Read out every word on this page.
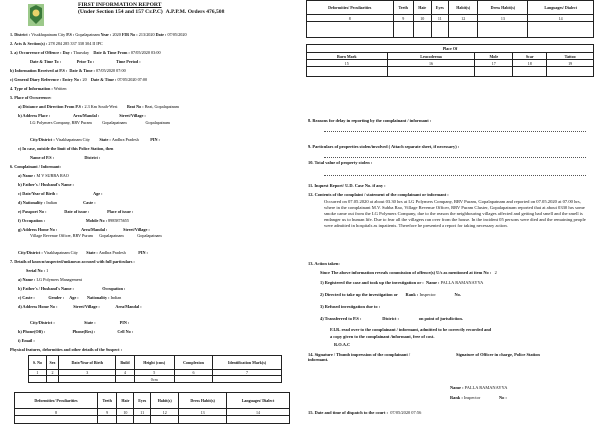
FIRST INFORMATION REPORT
(Under Section 154 and 157 Cr.P.C) A.P.P.M. Orders 476,508
1. District : Visakhapatnam City P.S : Gopalapatnam Year : 2020 FIR No : 213/2020 Date : 07/05/2020
2. Acts & Section(s) : 278 284 285 337 338 304 II IPC
3. a) Occurrence of Offence : Day : Thursday Date & Time From : 07/05/2020 03:00
Date & Time To :	Prior To :	Time Period :
b) Information Received at P.S : Date & Time : 07/05/2020 07:00
c) General Diary Reference : Entry No : 20 Date & Time : 07/05/2020 07:00
4. Type of Information : Written
5. Place of Occurrence:
a) Distance and Direction From P.S : 2.3 Km South-West Beat No : Beat, Gopalapatnam
b) Address Place :	Area/Mandal :	Street/Village :
LG Polymers Company, RRV Puram Gopalapatnam	Gopalapatnam
City/District : Visakhapatnam City State : Andhra Pradesh	PIN :
c) In case, outside the limit of this Police Station, then
Name of P.S :	District :
6. Complainant / Informant:
a) Name : M V SUBBA RAO
b) Father's / Husband's Name :
c) Date/Year of Birth :	Age :
d) Nationality : Indian	Caste :
e) Passport No :	Date of issue :	Place of issue :
f) Occupation :	Mobile No : 8985875655
g) Address Home No :	Area/Mandal :	Street/Village :
Village Revenue Officer, RRV Puram Gopalapatnam	Gopalapatnam
City/District : Visakhapatnam City State : Andhra Pradesh	PIN :
7. Details of known/suspected/unknown accused with full particulars :
Serial No : 1
a) Name : LG Polymers Management
b) Father's / Husband's Name :	Occupation :
c) Caste :	Gender : Age : Nationality : Indian
d) Address Home No :	Street/Village :	Area/Mandal :
City/District :	State :	PIN :
h) Phone(Off) :	Phone(Res) :	Cell No :
i) Email :
Physical features, deformities and other details of the Suspect :
S. No	Sex	Date/Year of Birth	Build	Height (cms)	Complexion	Identification Mark(s)
1	2	3	4	5	6	7
				0cm		
Deformities/ Peculiarities	Teeth	Hair	Eyes	Habit(s)	Dress Habit(s)	Languages/ Dialect
8	9	10	11	12	13	14

Deformities/ Peculiarities	Teeth	Hair	Eyes	Habit(s)	Dress Habit(s)	Languages/ Dialect
8	9	10	11	12	13	14

Place Of				
Burn Mark	Leucoderma	Mole	Scar	Tattoo
15	16	17	18	19

8. Reasons for delay in reporting by the complainant / informant :
9. Particulars of properties stolen/involved ( Attach separate sheet, if necessary) :
10. Total value of property stolen :
11. Inquest Report/ U.D. Case No. if any :
12. Contents of the complaint / statement of the complainant or informant :
Occurred on 07.05.2020 at about 03.30 hrs at LG Polymers Company, RRV Puram, Gopalapatnam and reported on 07.05.2020 at 07.00 hrs, where in the complainant M.V. Subba Rao, Village Revenue Officer, RRV Puram Cluster, Gopalapatnam reported that at about 0330 hrs some smoke came out from the LG Polymers Company, due to the reason the neighbouring villages affected and getting bad smell and the smell is endanger us to human life. Due to fear all the villagers ran over from the house. In the incident 05 persons were died and the remaining people were admitted in hospitals as inpatients. Therefore he presented a report for taking necessary action.
13. Action taken:
Since The above information reveals commission of offence(s) U/s as mentioned at item No : 2
1) Registered the case and took up the investigation or : Name : PALLA RAMANAYYA
2) Directed to take up the investigation or Rank : Inspector	No.
3) Refused investigation due to :
4) Transferred to P.S :	District :	on point of jurisdiction.
F.I.R. read over to the complainant / informant, admitted to be correctly recorded and
a copy given to the complainant /informant, free of cost.
R.O.A.C
14. Signature / Thumb impression of the complainant / informant.
Signature of Officer in charge, Police Station
Name : PALLA RAMANAYYA
Rank : Inspector	No :
15. Date and time of dispatch to the court : 07/05/2020 07:56
